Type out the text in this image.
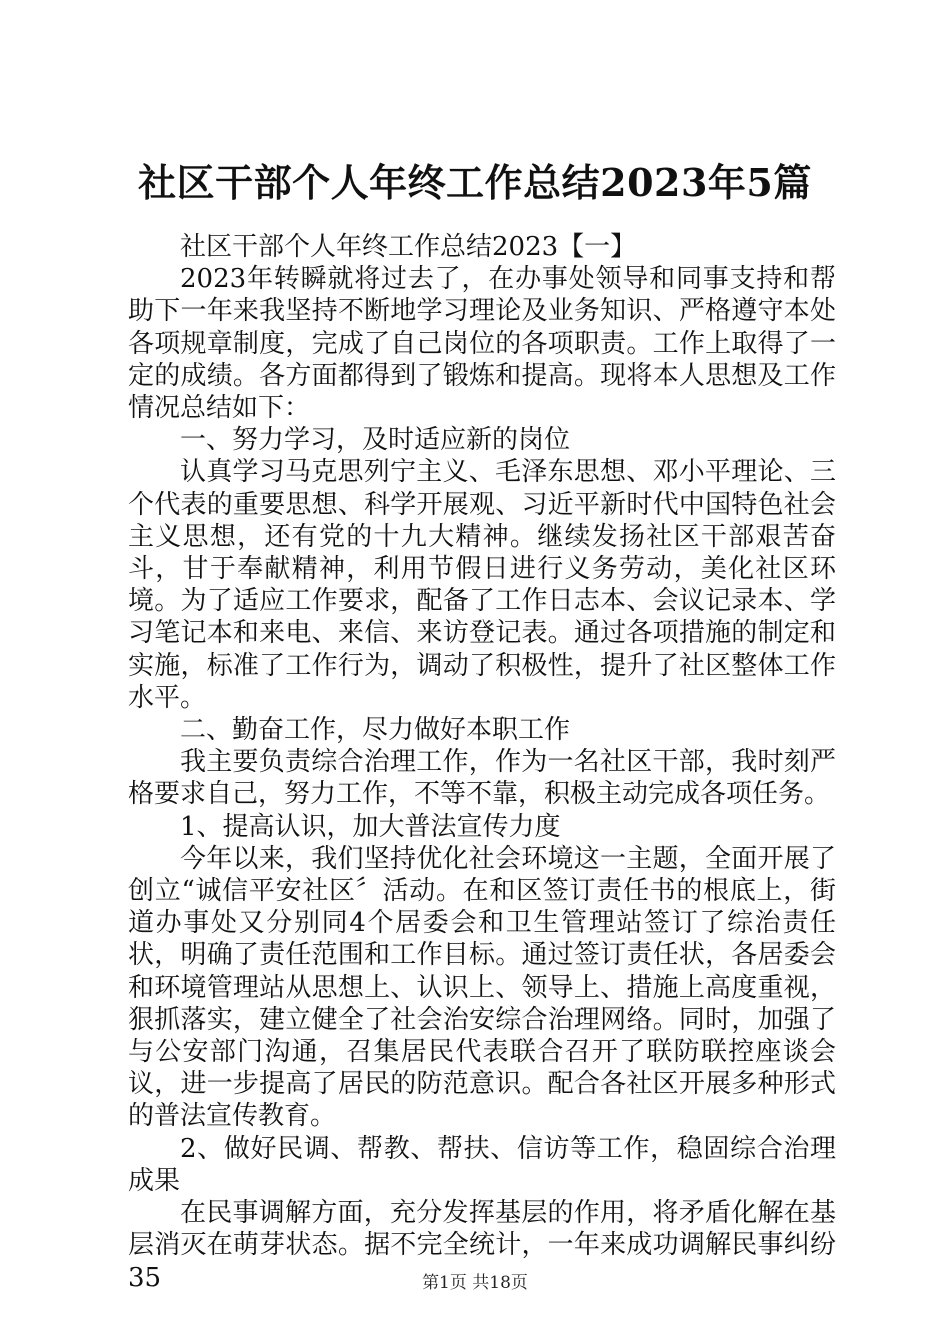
社区干部个人年终工作总结2023年5篇

社区干部个人年终工作总结2023【一】

2023年转瞬就将过去了，在办事处领导和同事支持和帮助下一年来我坚持不断地学习理论及业务知识、严格遵守本处各项规章制度，完成了自己岗位的各项职责。工作上取得了一定的成绩。各方面都得到了锻炼和提高。现将本人思想及工作情况总结如下：

一、努力学习，及时适应新的岗位

认真学习马克思列宁主义、毛泽东思想、邓小平理论、三个代表的重要思想、科学开展观、习近平新时代中国特色社会主义思想，还有党的十九大精神。继续发扬社区干部艰苦奋斗，甘于奉献精神，利用节假日进行义务劳动，美化社区环境。为了适应工作要求，配备了工作日志本、会议记录本、学习笔记本和来电、来信、来访登记表。通过各项措施的制定和实施，标准了工作行为，调动了积极性，提升了社区整体工作水平。

二、勤奋工作，尽力做好本职工作

我主要负责综合治理工作，作为一名社区干部，我时刻严格要求自己，努力工作，不等不靠，积极主动完成各项任务。

1、提高认识，加大普法宣传力度

今年以来，我们坚持优化社会环境这一主题，全面开展了创立“诚信平安社区〞活动。在和区签订责任书的根底上，街道办事处又分别同4个居委会和卫生管理站签订了综治责任状，明确了责任范围和工作目标。通过签订责任状，各居委会和环境管理站从思想上、认识上、领导上、措施上高度重视，狠抓落实，建立健全了社会治安综合治理网络。同时，加强了与公安部门沟通，召集居民代表联合召开了联防联控座谈会议，进一步提高了居民的防范意识。配合各社区开展多种形式的普法宣传教育。

2、做好民调、帮教、帮扶、信访等工作，稳固综合治理成果

在民事调解方面，充分发挥基层的作用，将矛盾化解在基层消灭在萌芽状态。据不完全统计，一年来成功调解民事纠纷35	第1页 共18页
